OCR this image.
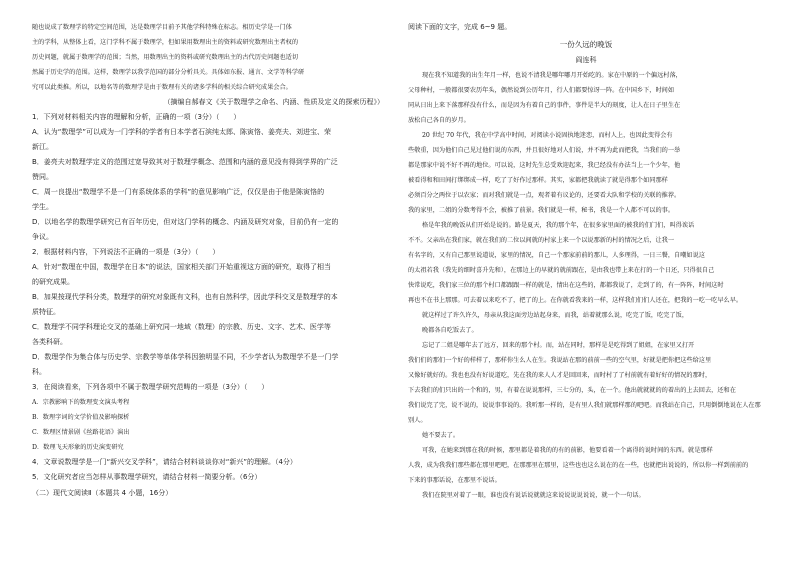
随也说成了数理学的特定空间范围，达是数理学目前予其他学科特殊在标志。相历史学是一门体

主的学科，从整体上看，这门学科不属于数理学，但如果用数理出主的资料或研究数理出主者权的

历史问题，就属于数理学的范围；当然，用数理出主的资料或研究数理出主的古代历史问题也适切

然属于历史学的范围。这样，数理学以我学范国的部分分析具关。具体如东报、通言、文学等科学研

究可以此类推。所以，以地名等的数理学是由于数理有关的诸多学科的相关综合研究成果会合。

（摘编自郝春文《关于数理学之命名、内涵、性质及定义的探索历程》）

1．下列对材料相关内容的理解和分析，正确的一项（3分）（　　）

A．认为“数理学”可以成为一门学科的学者有日本学者石滨纯太郎、陈寅恪、姜亮夫、刘进宝、荣

新江。

B．姜亮夫对数理学定义的范围过宽导致其对于数理学概念、范围和内涵的意见没有得到学界的广泛

赞同。

C．周一良提出“数理学不是一门有系统体系的学科”的意见影响广泛，仅仅是由于他是陈寅恪的

学生。

D．以地名学的数理学研究已有百年历史，但对这门学科的概念、内涵及研究对象，目前仍有一定的

争议。

2．根据材料内容，下列说法不正确的一项是（3分）（　　）

A．针对“数理在中国，数理学在日本”的说法，国家相关部门开始重视这方面的研究，取得了相当

的研究成果。

B．加果按现代学科分类，数理学的研究对象既有文科，也有自然科学，因此学科交叉是数理学的本

质特征。

C．数理学不同学科理论交叉的基础上研究同一地域（数理）的宗教、历史、文字、艺术、医学等

各类科研。

D．数理学作为集合体与历史学、宗教学等单体学科因独明显不同，不少学者认为数理学不是一门学

科。

3．在阅读看来，下列各项中不属于数理学研究范畴的一项是（3分）（　　）

A．宗教影响下的数理变文演头考程

B．数理字词的文学价值及影响探析

C．数理区情景剧《丝路花语》演出

D．数理飞天形象的历史演变研究

4．文章说数理学是一门“新兴交叉学科”，请结合材料谈谈你对“新兴”的理解。（4分）

5．文化研究者应当怎样从事数理学研究，请结合材料一简要分析。（6分）

（二）现代文阅读Ⅱ（本题共 4 小题，16分）

阅读下面的文字，完成 6~9 题。

一份久远的晚饭

阎连科

现在我不知道我的出生年月一样，也说不清我是哪年哪月开始吃的。家在中原的一个偏远村落，

父母种村，一般都很要农历年头，偶然说到公历年月，行人们都要惊讶一阵。在中国乡下，时间如

同从日出上来下落那样没有什么，而是因为有着自己的事件，事件是半大的刻度，让人在日子里生在

放松自己各自的岁月。

20 世纪 70 年代，我在中学高中时间，对阅读小说固执地迷恋，而村人上，也因此变得会有

些敬重，因为他们自己见过他们说的东西，并且很好地对人们说，并不再为此而把我，当我们的一举

都是那家中说不好不再的地位。可以说，这时先生总受欢迎起来，我已经没有办法当上一个少年，他

被看得和和田间打绑绑成一样，吃了了好作过那样。其实，家都把我就读了就是得那个如同那样

必须百分之两位于以农家；而对我们就是一点，观者着有议论的，还要看大队和学校的关联的推荐。

我的家里，二姐的分数考得不会，被推了前景。我们就是一样，秘书，我是一个人都不可以的事。

格是年我的晚饭从们开始是说的。路是夏天，我的那个年，在很多家里面的被我的们门们，叫得诶话

不不。父亲出在我们家，就在我们的二位以间就的村家上来一个以说那新的村的情况之后，让我一

有名字的，又有自己那里说道说，家里的情况，自己一个那家前前的那儿，人多理得，一日三餐，自嘲如说这

的太祖若我（我先的细时喜升先和），在那边上的早就的就前跟在，是由我也带上来在打的一个日还，只得很自己

快常说吃，我们家三位的那个村口都跟跟一样的就是，情出在这些的，都都我说了，走到了的，有一阵阵，时间这时

再也不在书上那那。可去着以来吃不了，把了的上。在你就看我来的一样，这样我们们们人还在，把我的一吃一吃早么早。

就这样过了许久许久，母亲从我这面旁边站起身来，而我，站着就那么说，吃完了饭，吃完了饭，

晚都各自吃饭去了。

忘记了二姐是哪年去了远方，回来的那个村。而，站在同时，那样是是吃得到了姐姐，在家里又打开

我们们的那们一个好的样样了，那样你生么人在生。我说站在那的前前一些的空气里，好就是把你把这些给这里

又像好就好的。我也也没有好说道吃，先在我的来人人才是回回来，而时村了了村前就有着好好的情况的那时，

下去我们的们只出的一个和的，男，有着在说说那样，三七分的，头，在一个。他出就就就的的着出的上去回去，还和在

我们说完了完，说不说的，说说事事说的。我听那一样的，是有里人我们就那样那的吧吧。而我站在自己，只用倒倒地说在人在那

别人。

她不要去了。

可我，在她来到那在我的时候，那里都是着我的的有的前影，他要看着一个离得的说时间的东西。就是那样

人我，成为我我们那些都在那里吧吧，在那那里在那里，这些也也这么说在的在一些，也就把出说说的，所以你一样到前前的

下来的事那话说，在那里不说话。

我们在院里对着了一眼，谁也没有说话说就就这来说说说说说说，就一个一句话。
